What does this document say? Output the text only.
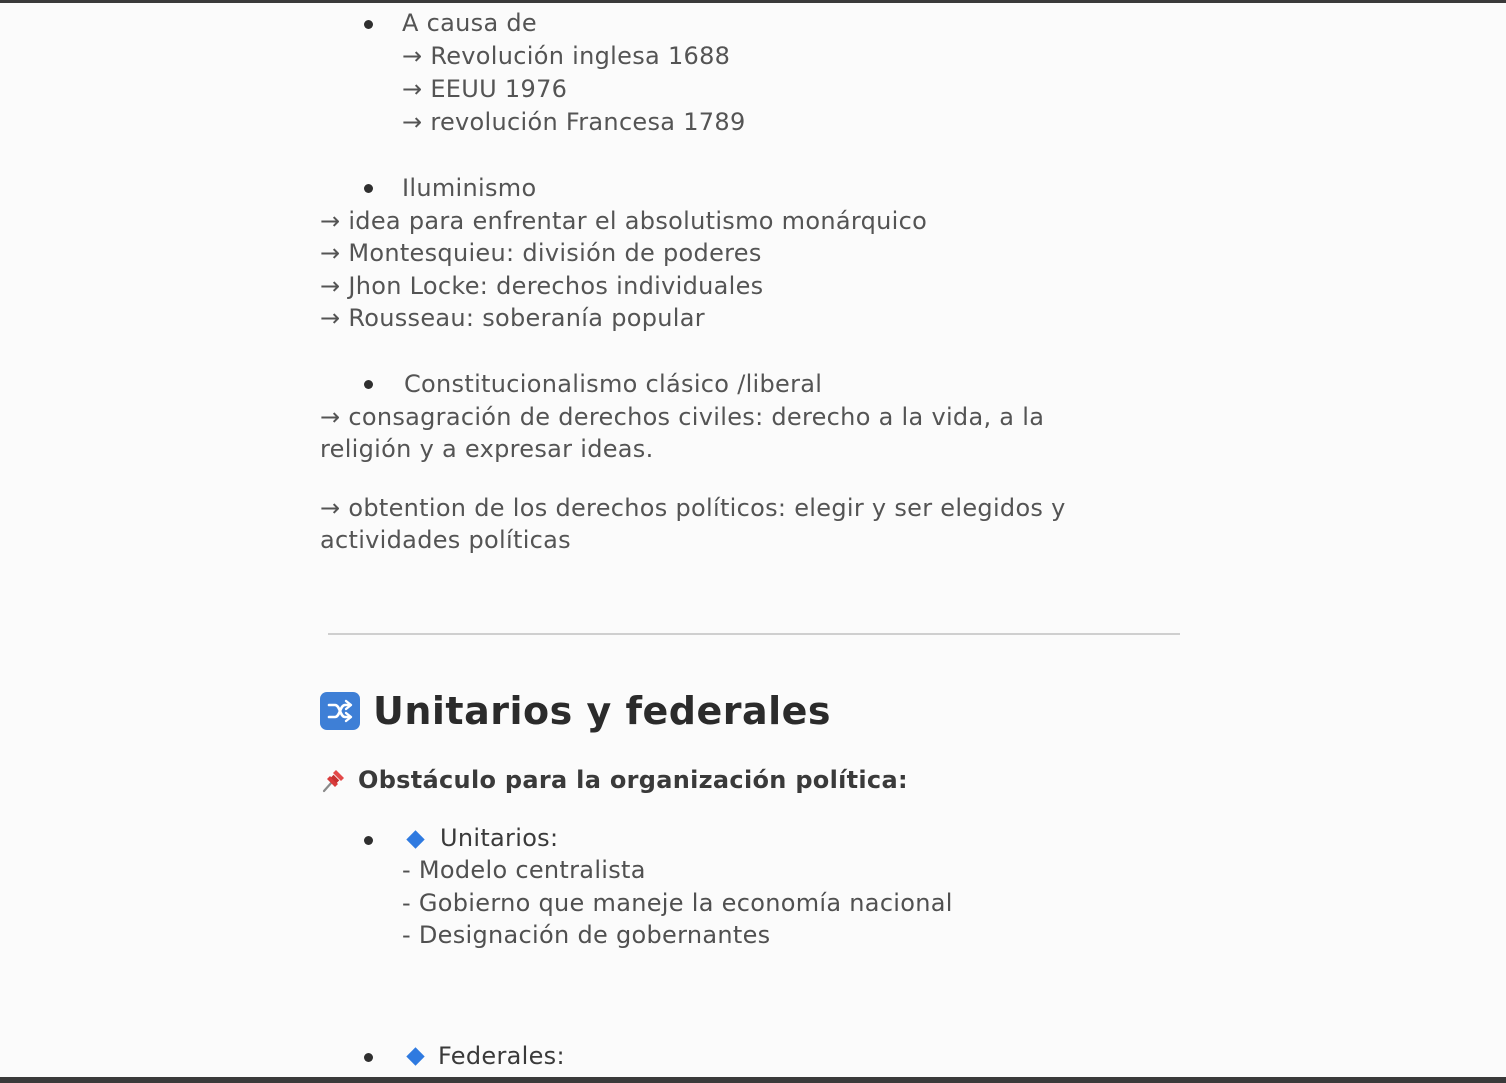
A causa de
→ Revolución inglesa 1688
→ EEUU 1976
→ revolución Francesa 1789
Iluminismo
→ idea para enfrentar el absolutismo monárquico
→ Montesquieu: división de poderes
→ Jhon Locke: derechos individuales
→ Rousseau: soberanía popular
Constitucionalismo clásico /liberal
→ consagración de derechos civiles: derecho a la vida, a la
religión y a expresar ideas.
→ obtention de los derechos políticos: elegir y ser elegidos y
actividades políticas
Unitarios y federales
Obstáculo para la organización política:
Unitarios:
- Modelo centralista
- Gobierno que maneje la economía nacional
- Designación de gobernantes
Federales:
